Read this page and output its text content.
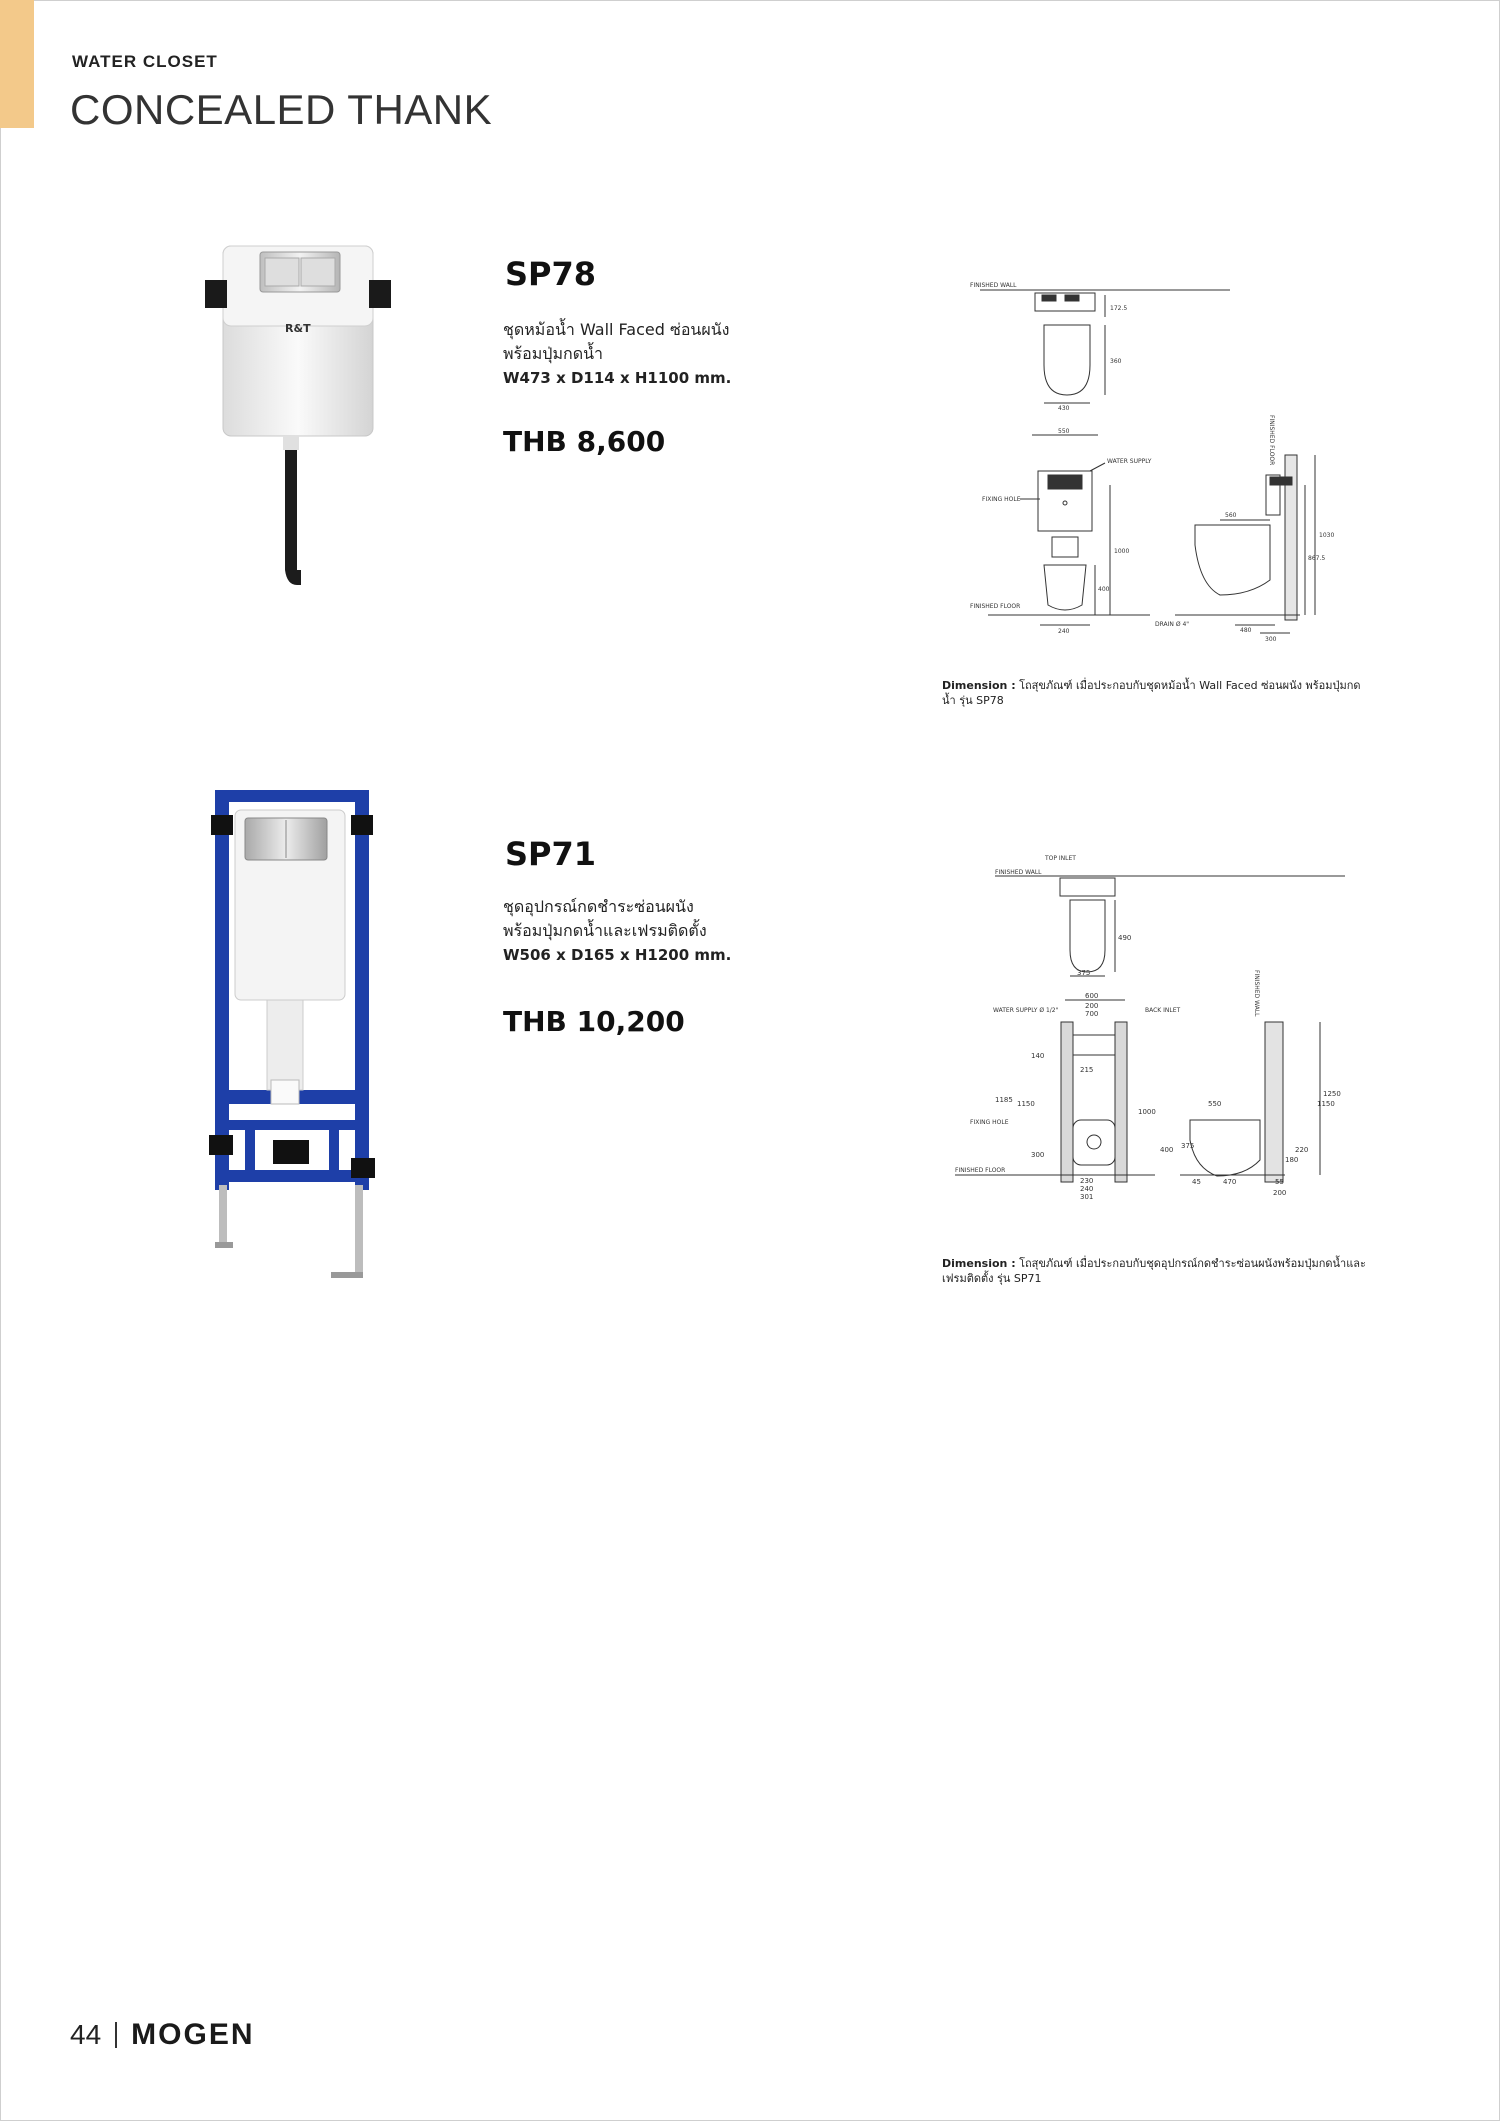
WATER CLOSET
CONCEALED THANK
R&T
SP78
ชุดหม้อน้ำ Wall Faced ซ่อนผนัง
พร้อมปุ่มกดน้ำ
W473 x D114 x H1100 mm.
THB 8,600
FINISHED WALL
172.5
360
430
550
WATER SUPPLY
FIXING HOLE
FINISHED FLOOR
1000
400
240
FINISHED FLOOR
DRAIN Ø 4"
1030
867.5
560
480
300
Dimension : โถสุขภัณฑ์ เมื่อประกอบกับชุดหม้อน้ำ Wall Faced ซ่อนผนัง พร้อมปุ่มกดน้ำ รุ่น SP78
SP71
ชุดอุปกรณ์กดชำระซ่อนผนัง
พร้อมปุ่มกดน้ำและเฟรมติดตั้ง
W506 x D165 x H1200 mm.
THB 10,200
TOP INLET
FINISHED WALL
490
375
600
200
700
WATER SUPPLY Ø 1/2"	BACK INLET
140
215
1185 1150
1000
FIXING HOLE
300
FINISHED FLOOR
230
240
301
FINISHED WALL
550
400 375
45	470
1250
1150
220
180
55
200
Dimension : โถสุขภัณฑ์ เมื่อประกอบกับชุดอุปกรณ์กดชำระซ่อนผนังพร้อมปุ่มกดน้ำและเฟรมติดตั้ง รุ่น SP71
44 MOGEN
